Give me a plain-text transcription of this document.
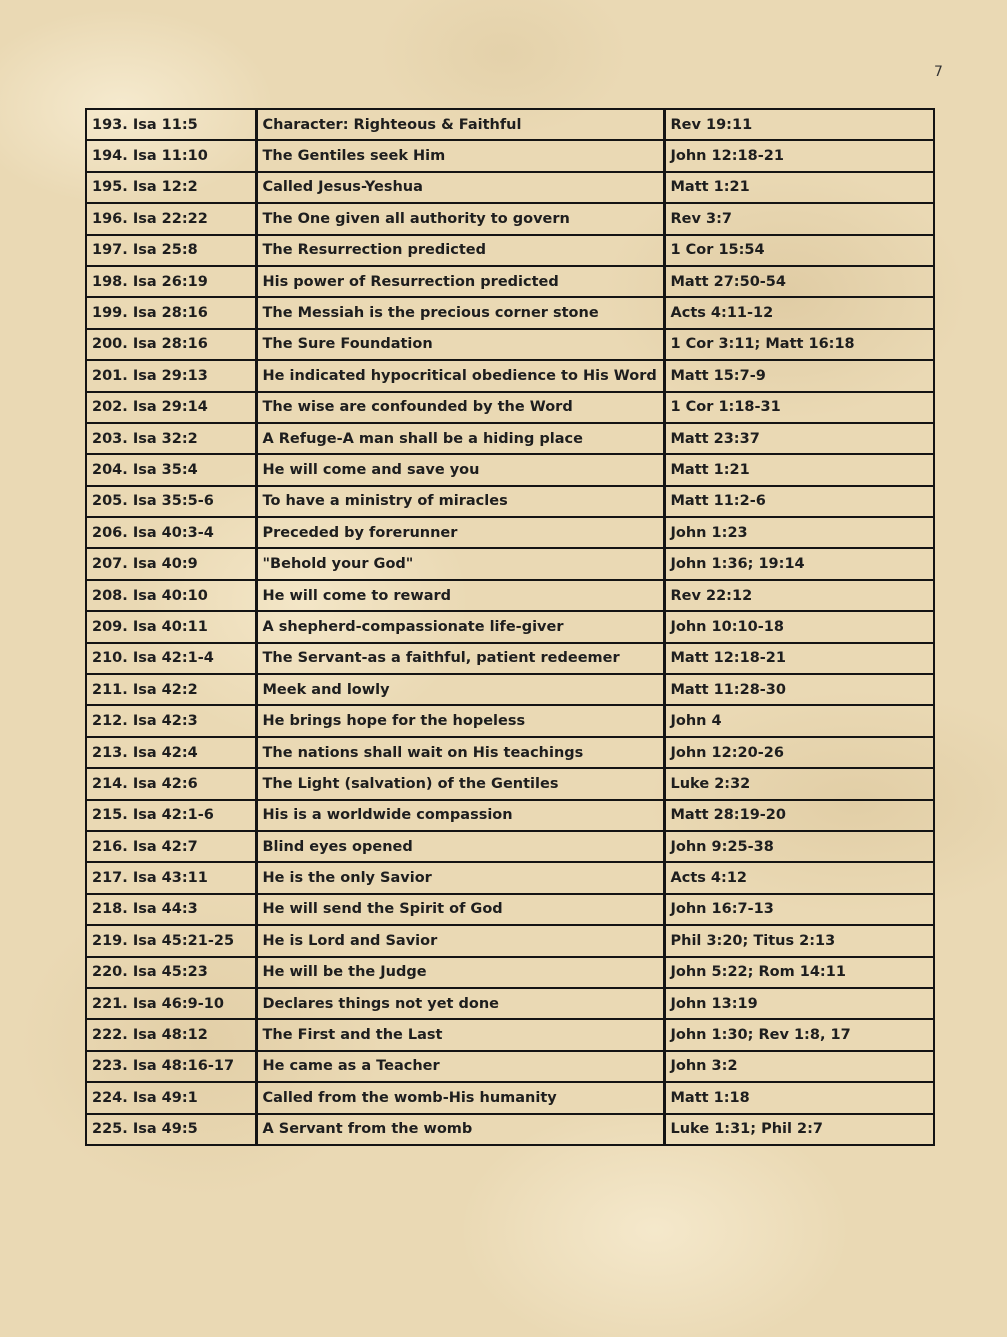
7
193. Isa 11:5	Character: Righteous & Faithful	Rev 19:11
194. Isa 11:10	The Gentiles seek Him	John 12:18-21
195. Isa 12:2	Called Jesus-Yeshua	Matt 1:21
196. Isa 22:22	The One given all authority to govern	Rev 3:7
197. Isa 25:8	The Resurrection predicted	1 Cor 15:54
198. Isa 26:19	His power of Resurrection predicted	Matt 27:50-54
199. Isa 28:16	The Messiah is the precious corner stone	Acts 4:11-12
200. Isa 28:16	The Sure Foundation	1 Cor 3:11; Matt 16:18
201. Isa 29:13	He indicated hypocritical obedience to His Word	Matt 15:7-9
202. Isa 29:14	The wise are confounded by the Word	1 Cor 1:18-31
203. Isa 32:2	A Refuge-A man shall be a hiding place	Matt 23:37
204. Isa 35:4	He will come and save you	Matt 1:21
205. Isa 35:5-6	To have a ministry of miracles	Matt 11:2-6
206. Isa 40:3-4	Preceded by forerunner	John 1:23
207. Isa 40:9	"Behold your God"	John 1:36; 19:14
208. Isa 40:10	He will come to reward	Rev 22:12
209. Isa 40:11	A shepherd-compassionate life-giver	John 10:10-18
210. Isa 42:1-4	The Servant-as a faithful, patient redeemer	Matt 12:18-21
211. Isa 42:2	Meek and lowly	Matt 11:28-30
212. Isa 42:3	He brings hope for the hopeless	John 4
213. Isa 42:4	The nations shall wait on His teachings	John 12:20-26
214. Isa 42:6	The Light (salvation) of the Gentiles	Luke 2:32
215. Isa 42:1-6	His is a worldwide compassion	Matt 28:19-20
216. Isa 42:7	Blind eyes opened	John 9:25-38
217. Isa 43:11	He is the only Savior	Acts 4:12
218. Isa 44:3	He will send the Spirit of God	John 16:7-13
219. Isa 45:21-25	He is Lord and Savior	Phil 3:20; Titus 2:13
220. Isa 45:23	He will be the Judge	John 5:22; Rom 14:11
221. Isa 46:9-10	Declares things not yet done	John 13:19
222. Isa 48:12	The First and the Last	John 1:30; Rev 1:8, 17
223. Isa 48:16-17	He came as a Teacher	John 3:2
224. Isa 49:1	Called from the womb-His humanity	Matt 1:18
225. Isa 49:5	A Servant from the womb	Luke 1:31; Phil 2:7
